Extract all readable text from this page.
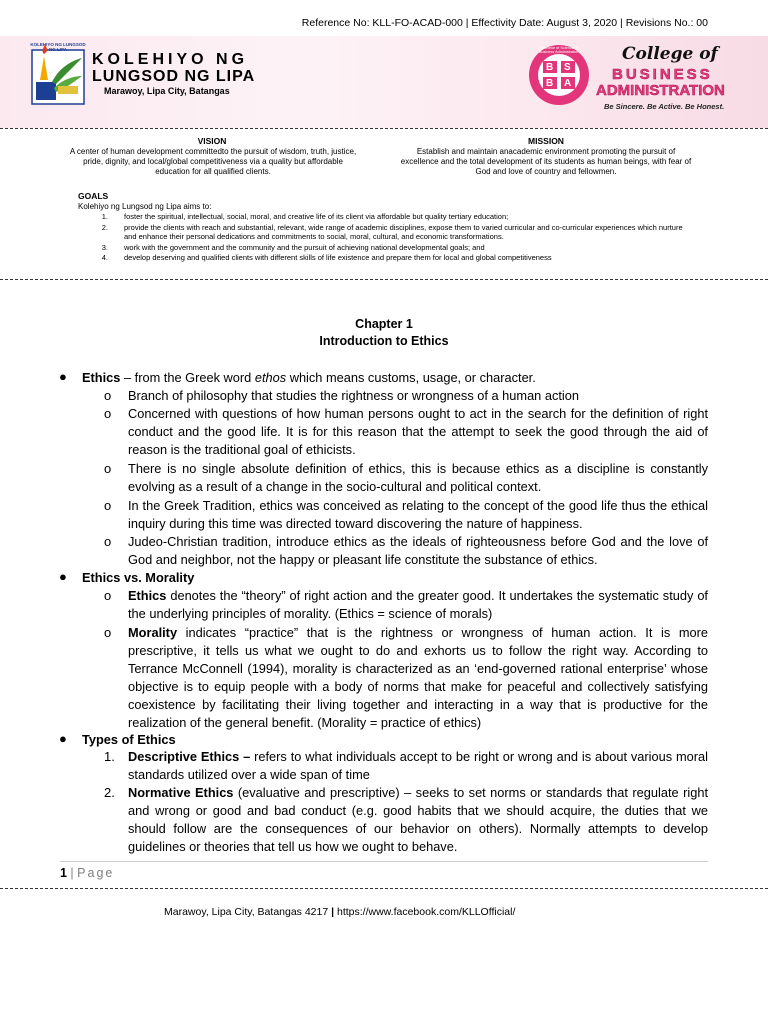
Reference No: KLL-FO-ACAD-000 | Effectivity Date: August 3, 2020 | Revisions No.: 00
KOLEHIYO NG LUNGSOD NG LIPA
KOLEHIYO NG
LUNGSOD NG LIPA
Marawoy, Lipa City, Batangas
Bachelor of Science in Business Administration
B S
B A
College of
BUSINESS
ADMINISTRATION
Be Sincere. Be Active. Be Honest.
VISION
A center of human development committedto the pursuit of wisdom, truth, justice, pride, dignity, and local/global competitiveness via a quality but affordable education for all qualified clients.
MISSION
Establish and maintain anacademic environment promoting the pursuit of excellence and the total development of its students as human beings, with fear of God and love of country and fellowmen.
GOALS
Kolehiyo ng Lungsod ng Lipa aims to:
1. foster the spiritual, intellectual, social, moral, and creative life of its client via affordable but quality tertiary education;
2. provide the clients with reach and substantial, relevant, wide range of academic disciplines, expose them to varied curricular and co-curricular experiences which nurture and enhance their personal dedications and commitments to social, moral, cultural, and economic transformations.
3. work with the government and the community and the pursuit of achieving national developmental goals; and
4. develop deserving and qualified clients with different skills of life existence and prepare them for local and global competitiveness
Chapter 1
Introduction to Ethics
● Ethics – from the Greek word ethos which means customs, usage, or character.
o Branch of philosophy that studies the rightness or wrongness of a human action
o Concerned with questions of how human persons ought to act in the search for the definition of right conduct and the good life. It is for this reason that the attempt to seek the good through the aid of reason is the traditional goal of ethicists.
o There is no single absolute definition of ethics, this is because ethics as a discipline is constantly evolving as a result of a change in the socio-cultural and political context.
o In the Greek Tradition, ethics was conceived as relating to the concept of the good life thus the ethical inquiry during this time was directed toward discovering the nature of happiness.
o Judeo-Christian tradition, introduce ethics as the ideals of righteousness before God and the love of God and neighbor, not the happy or pleasant life constitute the substance of ethics.
● Ethics vs. Morality
o Ethics denotes the “theory” of right action and the greater good. It undertakes the systematic study of the underlying principles of morality. (Ethics = science of morals)
o Morality indicates “practice” that is the rightness or wrongness of human action. It is more prescriptive, it tells us what we ought to do and exhorts us to follow the right way. According to Terrance McConnell (1994), morality is characterized as an ‘end-governed rational enterprise’ whose objective is to equip people with a body of norms that make for peaceful and collectively satisfying coexistence by facilitating their living together and interacting in a way that is productive for the realization of the general benefit. (Morality = practice of ethics)
● Types of Ethics
1. Descriptive Ethics – refers to what individuals accept to be right or wrong and is about various moral standards utilized over a wide span of time
2. Normative Ethics (evaluative and prescriptive) – seeks to set norms or standards that regulate right and wrong or good and bad conduct (e.g. good habits that we should acquire, the duties that we should follow are the consequences of our behavior on others). Normally attempts to develop guidelines or theories that tell us how we ought to behave.
1 | Page
Marawoy, Lipa City, Batangas 4217 | https://www.facebook.com/KLLOfficial/
